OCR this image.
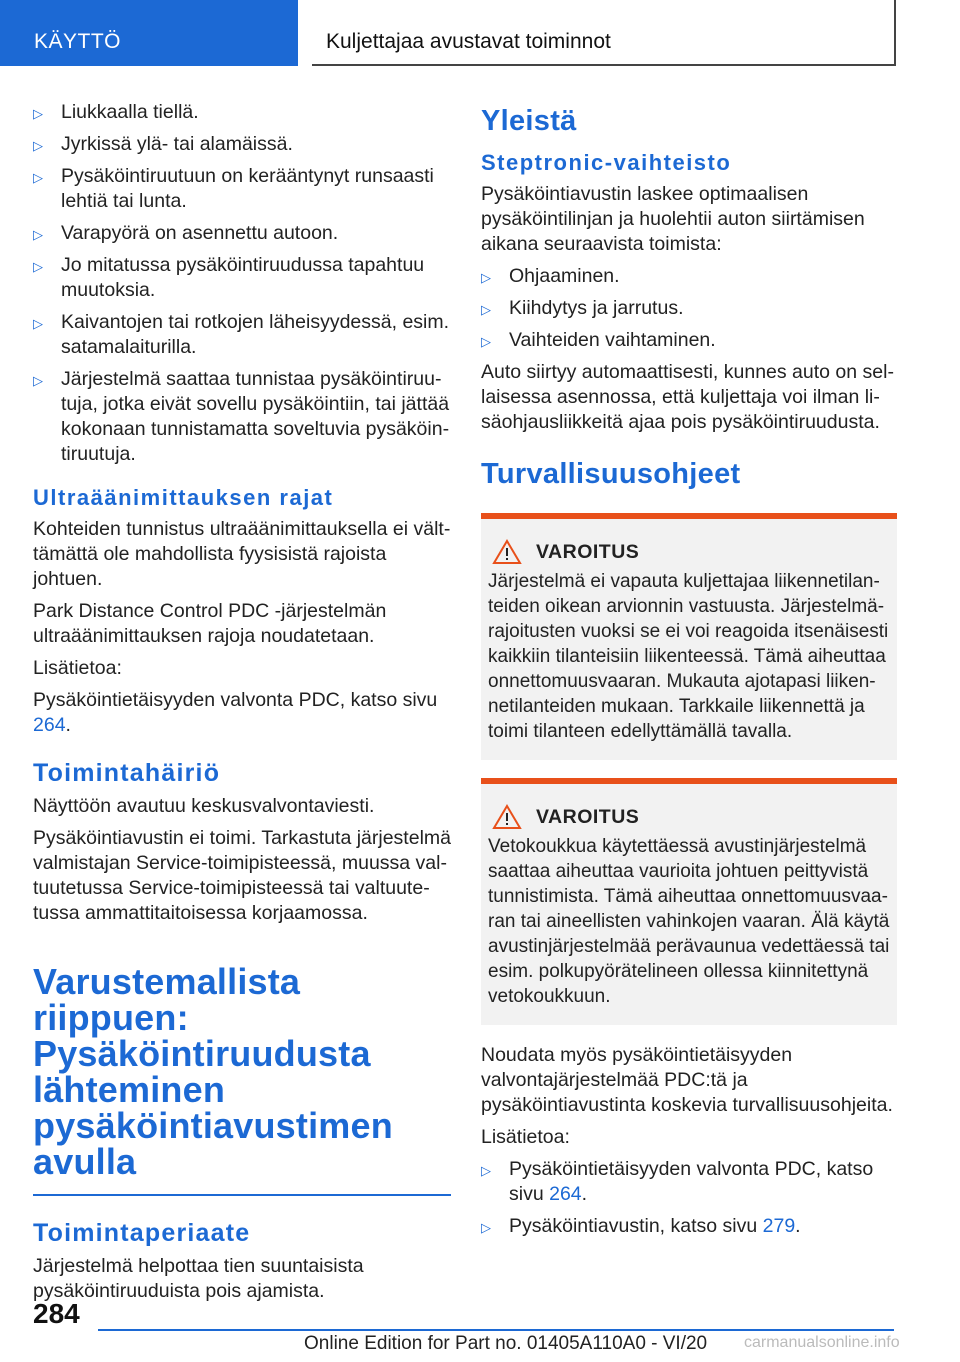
KÄYTTÖ	Kuljettajaa avustavat toiminnot
▷ Liukkaalla tiellä.
▷ Jyrkissä ylä- tai alamäissä.
▷ Pysäköintiruutuun on kerääntynyt runsaasti lehtiä tai lunta.
▷ Varapyörä on asennettu autoon.
▷ Jo mitatussa pysäköintiruudussa tapahtuu muutoksia.
▷ Kaivantojen tai rotkojen läheisyydessä, esim. satamalaiturilla.
▷ Järjestelmä saattaa tunnistaa pysäköintiruutuja, jotka eivät sovellu pysäköintiin, tai jättää kokonaan tunnistamatta soveltuvia pysäköintiruutuja.
Ultraäänimittauksen rajat
Kohteiden tunnistus ultraäänimittauksella ei välttämättä ole mahdollista fyysisistä rajoista johtuen.
Park Distance Control PDC -järjestelmän ultraäänimittauksen rajoja noudatetaan.
Lisätietoa:
Pysäköintietäisyyden valvonta PDC, katso sivu 264.
Toimintahäiriö
Näyttöön avautuu keskusvalvontaviesti.
Pysäköintiavustin ei toimi. Tarkastuta järjestelmä valmistajan Service-toimipisteessä, muussa valtuutetussa Service-toimipisteessä tai valtuutetussa ammattitaitoisessa korjaamossa.
Varustemallista riippuen: Pysäköintiruudusta lähteminen pysäköintiavustimen avulla
Toimintaperiaate
Järjestelmä helpottaa tien suuntaisista pysäköintiruuduista pois ajamista.
Yleistä
Steptronic-vaihteisto
Pysäköintiavustin laskee optimaalisen pysäköintilinjan ja huolehtii auton siirtämisen aikana seuraavista toimista:
▷ Ohjaaminen.
▷ Kiihdytys ja jarrutus.
▷ Vaihteiden vaihtaminen.
Auto siirtyy automaattisesti, kunnes auto on sellaisessa asennossa, että kuljettaja voi ilman lisäohjausliikkeitä ajaa pois pysäköintiruudusta.
Turvallisuusohjeet
VAROITUS
Järjestelmä ei vapauta kuljettajaa liikennetilanteiden oikean arvionnin vastuusta. Järjestelmärajoitusten vuoksi se ei voi reagoida itsenäisesti kaikkiin tilanteisiin liikenteessä. Tämä aiheuttaa onnettomuusvaaran. Mukauta ajotapasi liikennetilanteiden mukaan. Tarkkaile liikennettä ja toimi tilanteen edellyttämällä tavalla.
VAROITUS
Vetokoukkua käytettäessä avustinjärjestelmä saattaa aiheuttaa vaurioita johtuen peittyvistä tunnistimista. Tämä aiheuttaa onnettomuusvaaran tai aineellisten vahinkojen vaaran. Älä käytä avustinjärjestelmää perävaunua vedettäessä tai esim. polkupyörätelineen ollessa kiinnitettynä vetokoukkuun.
Noudata myös pysäköintietäisyyden valvontajärjestelmää PDC:tä ja pysäköintiavustinta koskevia turvallisuusohjeita.
Lisätietoa:
▷ Pysäköintietäisyyden valvonta PDC, katso sivu 264.
▷ Pysäköintiavustin, katso sivu 279.
284
Online Edition for Part no. 01405A110A0 - VI/20 carmanualsonline.info
